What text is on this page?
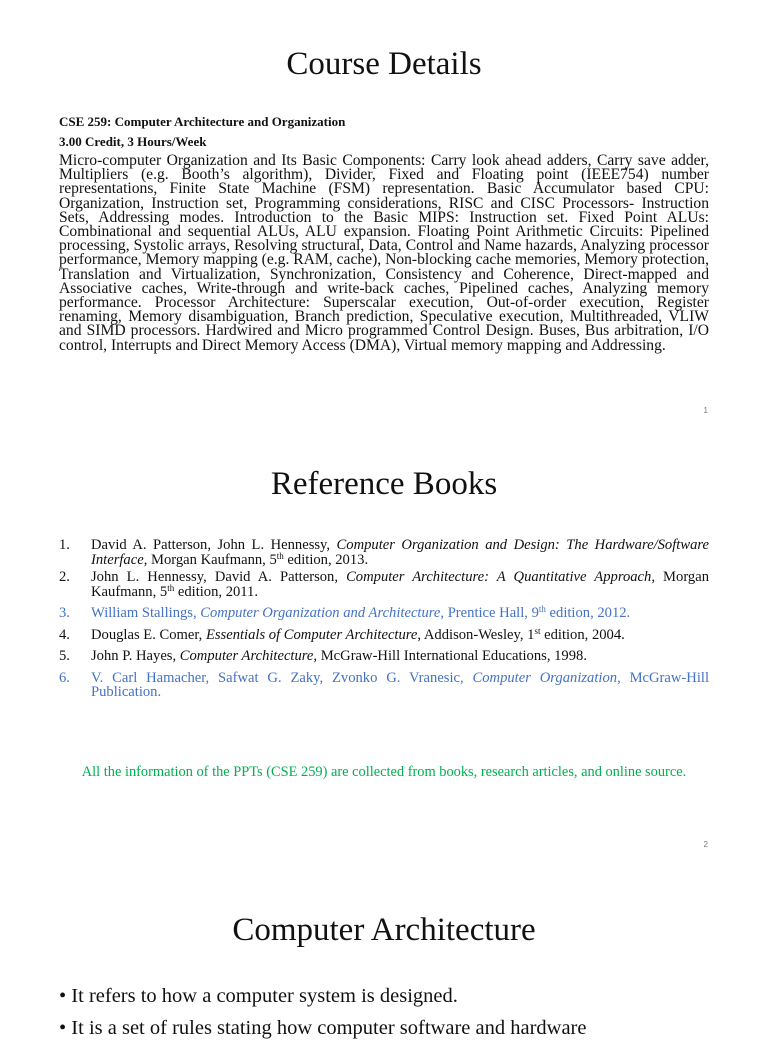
Course Details
CSE 259: Computer Architecture and Organization
3.00 Credit, 3 Hours/Week
Micro-computer Organization and Its Basic Components: Carry look ahead adders, Carry save adder, Multipliers (e.g. Booth’s algorithm), Divider, Fixed and Floating point (IEEE754) number representations, Finite State Machine (FSM) representation. Basic Accumulator based CPU: Organization, Instruction set, Programming considerations, RISC and CISC Processors- Instruction Sets, Addressing modes. Introduction to the Basic MIPS: Instruction set. Fixed Point ALUs: Combinational and sequential ALUs, ALU expansion. Floating Point Arithmetic Circuits: Pipelined processing, Systolic arrays, Resolving structural, Data, Control and Name hazards, Analyzing processor performance, Memory mapping (e.g. RAM, cache), Non-blocking cache memories, Memory protection, Translation and Virtualization, Synchronization, Consistency and Coherence, Direct-mapped and Associative caches, Write-through and write-back caches, Pipelined caches, Analyzing memory performance. Processor Architecture: Superscalar execution, Out-of-order execution, Register renaming, Memory disambiguation, Branch prediction, Speculative execution, Multithreaded, VLIW and SIMD processors. Hardwired and Micro programmed Control Design. Buses, Bus arbitration, I/O control, Interrupts and Direct Memory Access (DMA), Virtual memory mapping and Addressing.
1
Reference Books
1. David A. Patterson, John L. Hennessy, Computer Organization and Design: The Hardware/Software Interface, Morgan Kaufmann, 5th edition, 2013.
2. John L. Hennessy, David A. Patterson, Computer Architecture: A Quantitative Approach, Morgan Kaufmann, 5th edition, 2011.
3. William Stallings, Computer Organization and Architecture, Prentice Hall, 9th edition, 2012.
4. Douglas E. Comer, Essentials of Computer Architecture, Addison-Wesley, 1st edition, 2004.
5. John P. Hayes, Computer Architecture, McGraw-Hill International Educations, 1998.
6. V. Carl Hamacher, Safwat G. Zaky, Zvonko G. Vranesic, Computer Organization, McGraw-Hill Publication.
All the information of the PPTs (CSE 259) are collected from books, research articles, and online source.
2
Computer Architecture
• It refers to how a computer system is designed.
• It is a set of rules stating how computer software and hardware
